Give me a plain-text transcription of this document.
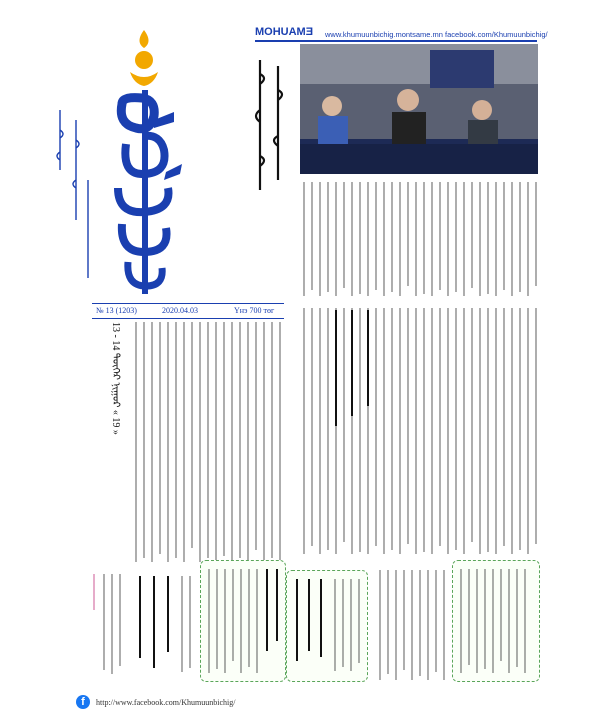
MOHUAMƎ www.khumuunbichig.montsame.mn facebook.com/Khumuunbichig/
№ 13 (1203)	2020.04.03	Үнэ 700 төг
13 - 14 ᠳᠦᠭᠡᠷ ᠨᠢᠭᠤᠷ « 19 »
f	http://www.facebook.com/Khumuunbichig/
